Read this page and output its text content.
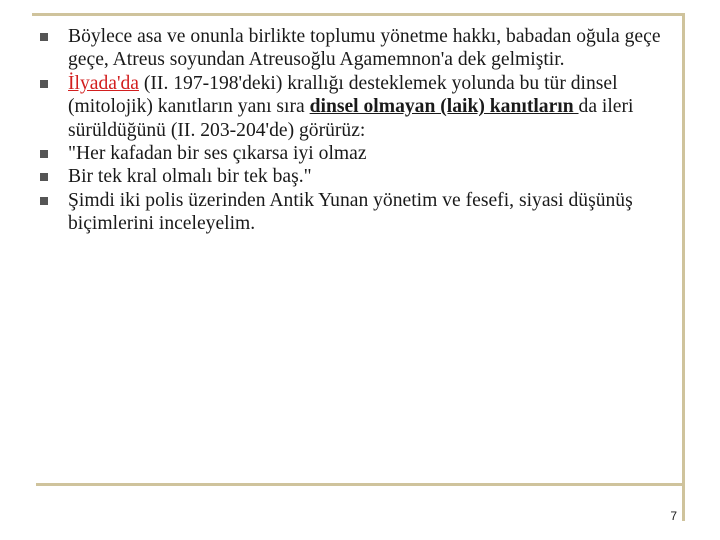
Böylece asa ve onunla birlikte toplumu yönetme hakkı, babadan oğula geçe geçe, Atreus soyundan Atreusoğlu Agamemnon'a dek gelmiştir.
İlyada'da (II. 197-198'deki) krallığı desteklemek yolunda bu tür dinsel (mitolojik) kanıtların yanı sıra dinsel olmayan (laik) kanıtların da ileri sürüldüğünü (II. 203-204'de) görürüz:
"Her kafadan bir ses çıkarsa iyi olmaz
Bir tek kral olmalı bir tek baş."
Şimdi iki polis üzerinden Antik Yunan yönetim ve fesefi, siyasi düşünüş biçimlerini inceleyelim.
7
